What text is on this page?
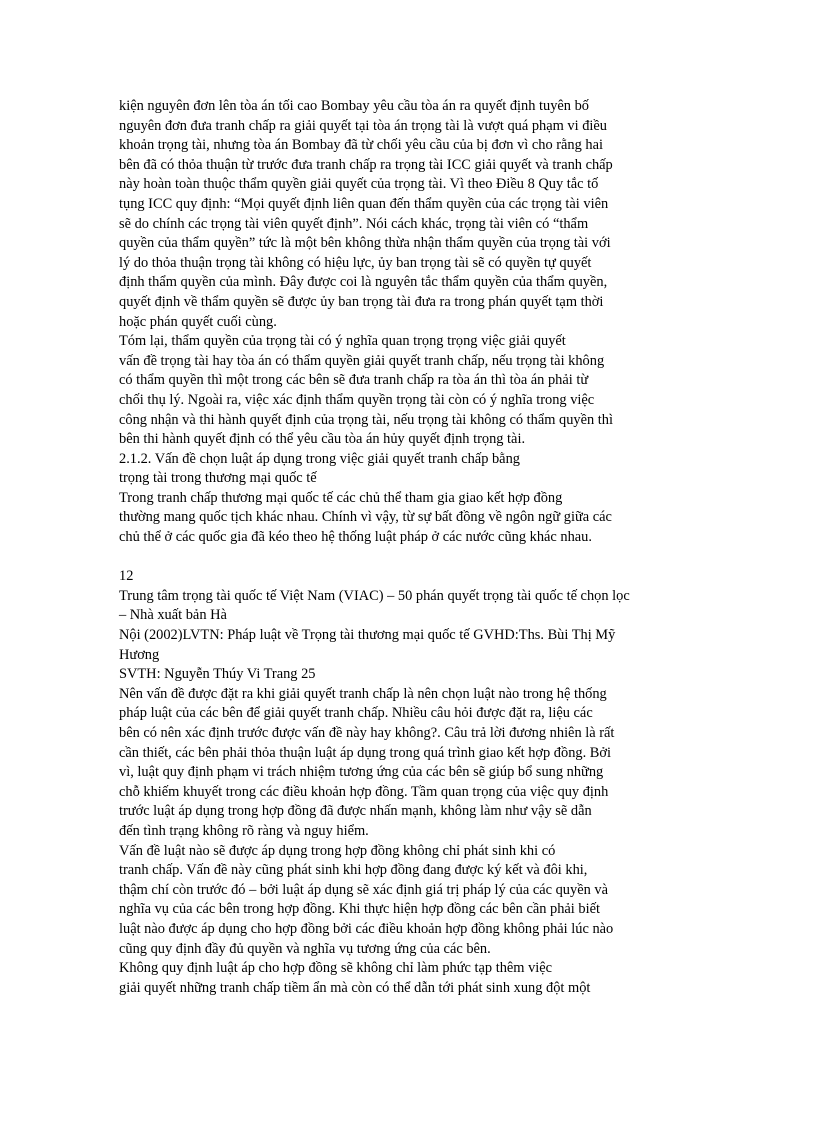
kiện nguyên đơn lên tòa án tối cao Bombay yêu cầu tòa án ra quyết định tuyên bố
nguyên đơn đưa tranh chấp ra giải quyết tại tòa án trọng tài là vượt quá phạm vi điều
khoản trọng tài, nhưng tòa án Bombay đã từ chối yêu cầu của bị đơn vì cho rằng hai
bên đã có thỏa thuận từ trước đưa tranh chấp ra trọng tài ICC giải quyết và tranh chấp
này hoàn toàn thuộc thẩm quyền giải quyết của trọng tài. Vì theo Điều 8 Quy tắc tố
tụng ICC quy định: “Mọi quyết định liên quan đến thẩm quyền của các trọng tài viên
sẽ do chính các trọng tài viên quyết định”. Nói cách khác, trọng tài viên có “thẩm
quyền của thẩm quyền” tức là một bên không thừa nhận thẩm quyền của trọng tài với
lý do thỏa thuận trọng tài không có hiệu lực, ủy ban trọng tài sẽ có quyền tự quyết
định thẩm quyền của mình. Đây được coi là nguyên tắc thẩm quyền của thẩm quyền,
quyết định về thẩm quyền sẽ được ủy ban trọng tài đưa ra trong phán quyết tạm thời
hoặc phán quyết cuối cùng.
Tóm lại, thẩm quyền của trọng tài có ý nghĩa quan trọng trọng việc giải quyết
vấn đề trọng tài hay tòa án có thẩm quyền giải quyết tranh chấp, nếu trọng tài không
có thẩm quyền thì một trong các bên sẽ đưa tranh chấp ra tòa án thì tòa án phải từ
chối thụ lý. Ngoài ra, việc xác định thẩm quyền trọng tài còn có ý nghĩa trong việc
công nhận và thi hành quyết định của trọng tài, nếu trọng tài không có thẩm quyền thì
bên thi hành quyết định có thể yêu cầu tòa án hủy quyết định trọng tài.
2.1.2. Vấn đề chọn luật áp dụng trong việc giải quyết tranh chấp bằng
trọng tài trong thương mại quốc tế
Trong tranh chấp thương mại quốc tế các chủ thể tham gia giao kết hợp đồng
thường mang quốc tịch khác nhau. Chính vì vậy, từ sự bất đồng về ngôn ngữ giữa các
chủ thể ở các quốc gia đã kéo theo hệ thống luật pháp ở các nước cũng khác nhau.
12
Trung tâm trọng tài quốc tế Việt Nam (VIAC) – 50 phán quyết trọng tài quốc tế chọn lọc
– Nhà xuất bản Hà
Nội (2002)LVTN: Pháp luật về Trọng tài thương mại quốc tế GVHD:Ths. Bùi Thị Mỹ
Hương
SVTH: Nguyễn Thúy Vi Trang 25
Nên vấn đề được đặt ra khi giải quyết tranh chấp là nên chọn luật nào trong hệ thống
pháp luật của các bên để giải quyết tranh chấp. Nhiều câu hỏi được đặt ra, liệu các
bên có nên xác định trước được vấn đề này hay không?. Câu trả lời đương nhiên là rất
cần thiết, các bên phải thỏa thuận luật áp dụng trong quá trình giao kết hợp đồng. Bởi
vì, luật quy định phạm vi trách nhiệm tương ứng của các bên sẽ giúp bổ sung những
chỗ khiếm khuyết trong các điều khoản hợp đồng. Tầm quan trọng của việc quy định
trước luật áp dụng trong hợp đồng đã được nhấn mạnh, không làm như vậy sẽ dẫn
đến tình trạng không rõ ràng và nguy hiểm.
Vấn đề luật nào sẽ được áp dụng trong hợp đồng không chỉ phát sinh khi có
tranh chấp. Vấn đề này cũng phát sinh khi hợp đồng đang được ký kết và đôi khi,
thậm chí còn trước đó – bởi luật áp dụng sẽ xác định giá trị pháp lý của các quyền và
nghĩa vụ của các bên trong hợp đồng. Khi thực hiện hợp đồng các bên cần phải biết
luật nào được áp dụng cho hợp đồng bởi các điều khoản hợp đồng không phải lúc nào
cũng quy định đầy đủ quyền và nghĩa vụ tương ứng của các bên.
Không quy định luật áp cho hợp đồng sẽ không chỉ làm phức tạp thêm việc
giải quyết những tranh chấp tiềm ẩn mà còn có thể dẫn tới phát sinh xung đột một
